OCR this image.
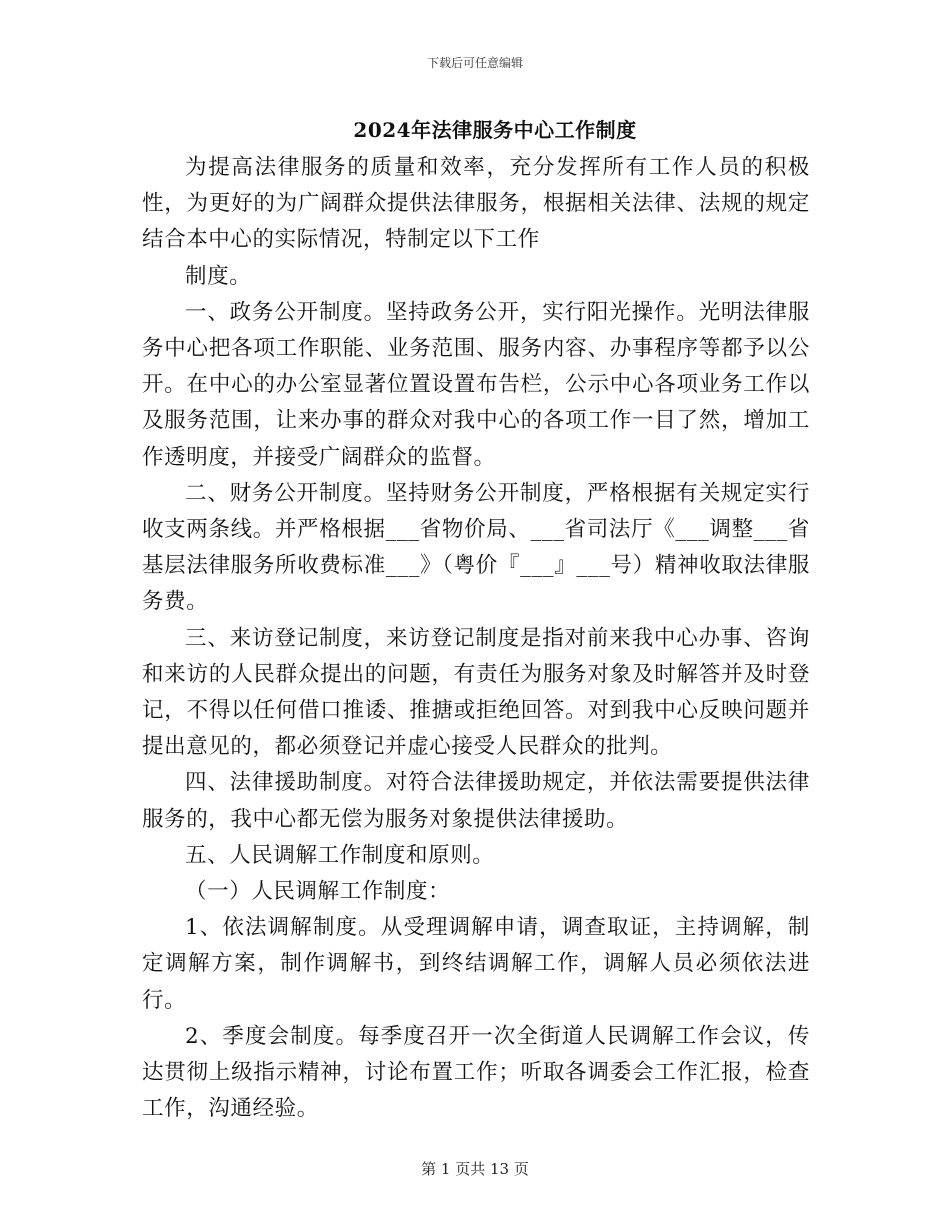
下载后可任意编辑
2024年法律服务中心工作制度

为提高法律服务的质量和效率，充分发挥所有工作人员的积极性，为更好的为广阔群众提供法律服务，根据相关法律、法规的规定结合本中心的实际情况，特制定以下工作

制度。

一、政务公开制度。坚持政务公开，实行阳光操作。光明法律服务中心把各项工作职能、业务范围、服务内容、办事程序等都予以公开。在中心的办公室显著位置设置布告栏，公示中心各项业务工作以及服务范围，让来办事的群众对我中心的各项工作一目了然，增加工作透明度，并接受广阔群众的监督。

二、财务公开制度。坚持财务公开制度，严格根据有关规定实行收支两条线。并严格根据___省物价局、___省司法厅《___调整___省基层法律服务所收费标准___》（粤价『___』___号）精神收取法律服务费。

三、来访登记制度，来访登记制度是指对前来我中心办事、咨询和来访的人民群众提出的问题，有责任为服务对象及时解答并及时登记，不得以任何借口推诿、推搪或拒绝回答。对到我中心反映问题并提出意见的，都必须登记并虚心接受人民群众的批判。

四、法律援助制度。对符合法律援助规定，并依法需要提供法律服务的，我中心都无偿为服务对象提供法律援助。

五、人民调解工作制度和原则。

（一）人民调解工作制度：

1、依法调解制度。从受理调解申请，调查取证，主持调解，制定调解方案，制作调解书，到终结调解工作，调解人员必须依法进行。

2、季度会制度。每季度召开一次全街道人民调解工作会议，传达贯彻上级指示精神，讨论布置工作；听取各调委会工作汇报，检查工作，沟通经验。

第 1 页共 13 页
